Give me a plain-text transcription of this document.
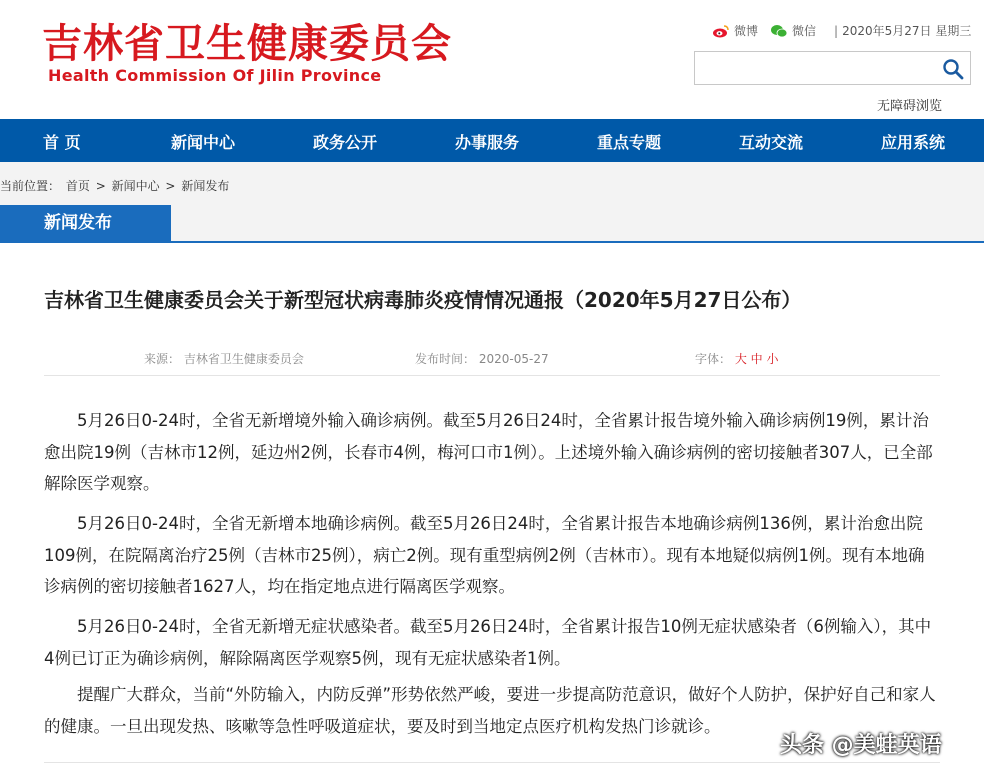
吉林省卫生健康委员会
Health Commission Of Jilin Province
微博	微信 | 2020年5月27日 星期三
无障碍浏览
首 页	新闻中心	政务公开	办事服务	重点专题	互动交流	应用系统
当前位置： 首页 > 新闻中心 > 新闻发布
新闻发布
吉林省卫生健康委员会关于新型冠状病毒肺炎疫情情况通报（2020年5月27日公布）
来源： 吉林省卫生健康委员会	发布时间： 2020-05-27	字体： 大 中 小

5月26日0-24时，全省无新增境外输入确诊病例。截至5月26日24时，全省累计报告境外输入确诊病例19例，累计治愈出院19例（吉林市12例，延边州2例，长春市4例，梅河口市1例）。上述境外输入确诊病例的密切接触者307人，已全部解除医学观察。

5月26日0-24时，全省无新增本地确诊病例。截至5月26日24时，全省累计报告本地确诊病例136例，累计治愈出院109例，在院隔离治疗25例（吉林市25例），病亡2例。现有重型病例2例（吉林市）。现有本地疑似病例1例。现有本地确诊病例的密切接触者1627人，均在指定地点进行隔离医学观察。

5月26日0-24时，全省无新增无症状感染者。截至5月26日24时，全省累计报告10例无症状感染者（6例输入），其中4例已订正为确诊病例，解除隔离医学观察5例，现有无症状感染者1例。

提醒广大群众，当前“外防输入，内防反弹”形势依然严峻，要进一步提高防范意识，做好个人防护，保护好自己和家人的健康。一旦出现发热、咳嗽等急性呼吸道症状，要及时到当地定点医疗机构发热门诊就诊。

头条 @美蛙英语
